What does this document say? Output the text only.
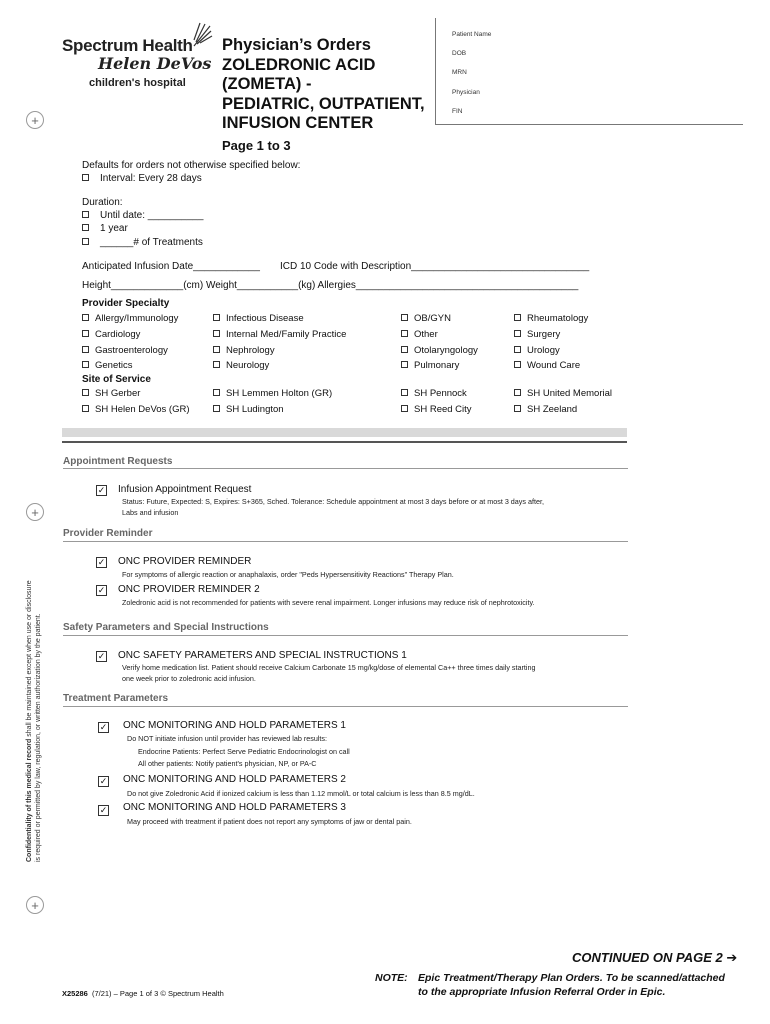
Spectrum Health
Helen DeVos
children's hospital
Physician’s Orders
ZOLEDRONIC ACID
(ZOMETA) -
PEDIATRIC, OUTPATIENT,
INFUSION CENTER
Page 1 to 3
Patient Name
DOB
MRN
Physician
FIN
+
+
+
Defaults for orders not otherwise specified below:
Interval: Every 28 days
Duration:
Until date: __________
1 year
______# of Treatments
Anticipated Infusion Date____________ ICD 10 Code with Description________________________________
Height_____________(cm) Weight___________(kg) Allergies________________________________________
Provider Specialty
Allergy/Immunology
Cardiology
Gastroenterology
Genetics
Infectious Disease
Internal Med/Family Practice
Nephrology
Neurology
OB/GYN
Other
Otolaryngology
Pulmonary
Rheumatology
Surgery
Urology
Wound Care
Site of Service
SH Gerber
SH Helen DeVos (GR)
SH Lemmen Holton (GR)
SH Ludington
SH Pennock
SH Reed City
SH United Memorial
SH Zeeland
Appointment Requests
✓ Infusion Appointment Request
Status: Future, Expected: S, Expires: S+365, Sched. Tolerance: Schedule appointment at most 3 days before or at most 3 days after,
Labs and infusion
Provider Reminder
✓ ONC PROVIDER REMINDER
For symptoms of allergic reaction or anaphalaxis, order "Peds Hypersensitivity Reactions" Therapy Plan.
✓ ONC PROVIDER REMINDER 2
Zoledronic acid is not recommended for patients with severe renal impairment. Longer infusions may reduce risk of nephrotoxicity.
Safety Parameters and Special Instructions
✓ ONC SAFETY PARAMETERS AND SPECIAL INSTRUCTIONS 1
Verify home medication list. Patient should receive Calcium Carbonate 15 mg/kg/dose of elemental Ca++ three times daily starting
one week prior to zoledronic acid infusion.
Treatment Parameters
✓ ONC MONITORING AND HOLD PARAMETERS 1
Do NOT initiate infusion until provider has reviewed lab results:
Endocrine Patients: Perfect Serve Pediatric Endocrinologist on call
All other patients: Notify patient's physician, NP, or PA-C
✓ ONC MONITORING AND HOLD PARAMETERS 2
Do not give Zoledronic Acid if ionized calcium is less than 1.12 mmol/L or total calcium is less than 8.5 mg/dL.
✓ ONC MONITORING AND HOLD PARAMETERS 3
May proceed with treatment if patient does not report any symptoms of jaw or dental pain.
Confidentiality of this medical record shall be maintained except when use or disclosure is required or permitted by law, regulation, or written authorization by the patient.
CONTINUED ON PAGE 2 ➔
X25286 (7/21) – Page 1 of 3 © Spectrum Health
NOTE: Epic Treatment/Therapy Plan Orders. To be scanned/attached
to the appropriate Infusion Referral Order in Epic.
